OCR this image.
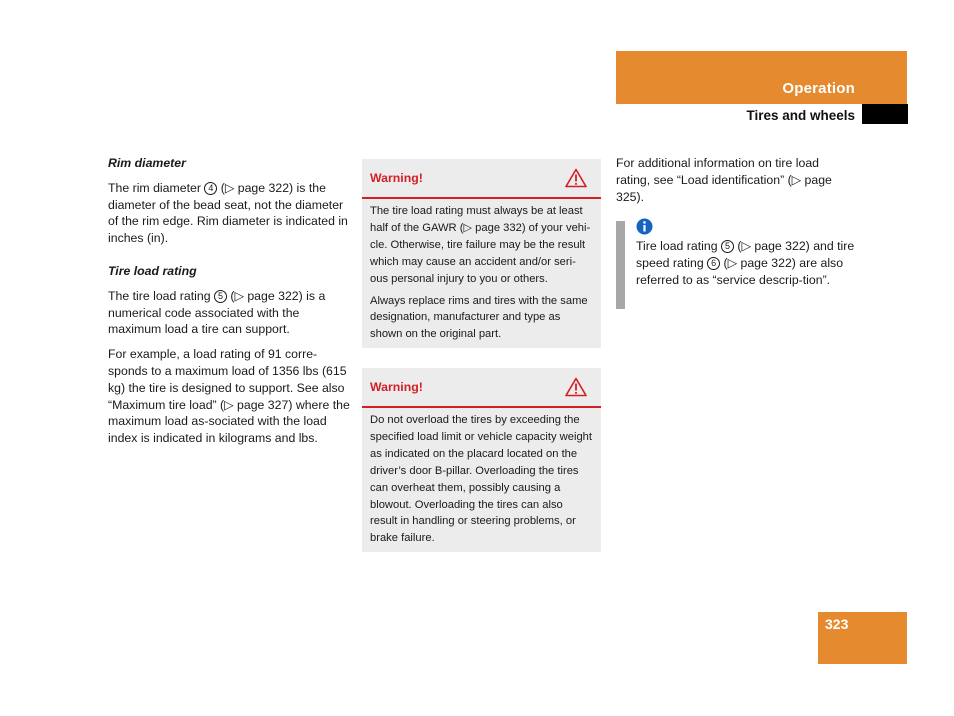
Operation
Tires and wheels
Rim diameter

The rim diameter 4 (▷ page 322) is the diameter of the bead seat, not the diameter of the rim edge. Rim diameter is indicated in inches (in).

Tire load rating

The tire load rating 5 (▷ page 322) is a numerical code associated with the maximum load a tire can support.

For example, a load rating of 91 corre-sponds to a maximum load of 1356 lbs (615 kg) the tire is designed to support. See also “Maximum tire load” (▷ page 327) where the maximum load as-sociated with the load index is indicated in kilograms and lbs.

Warning!

The tire load rating must always be at least half of the GAWR (▷ page 332) of your vehi-cle. Otherwise, tire failure may be the result which may cause an accident and/or seri-ous personal injury to you or others.

Always replace rims and tires with the same designation, manufacturer and type as shown on the original part.

Warning!

Do not overload the tires by exceeding the specified load limit or vehicle capacity weight as indicated on the placard located on the driver’s door B-pillar. Overloading the tires can overheat them, possibly causing a blowout. Overloading the tires can also result in handling or steering problems, or brake failure.

For additional information on tire load rating, see “Load identification” (▷ page 325).

Tire load rating 5 (▷ page 322) and tire speed rating 6 (▷ page 322) are also referred to as “service descrip-tion”.
323
